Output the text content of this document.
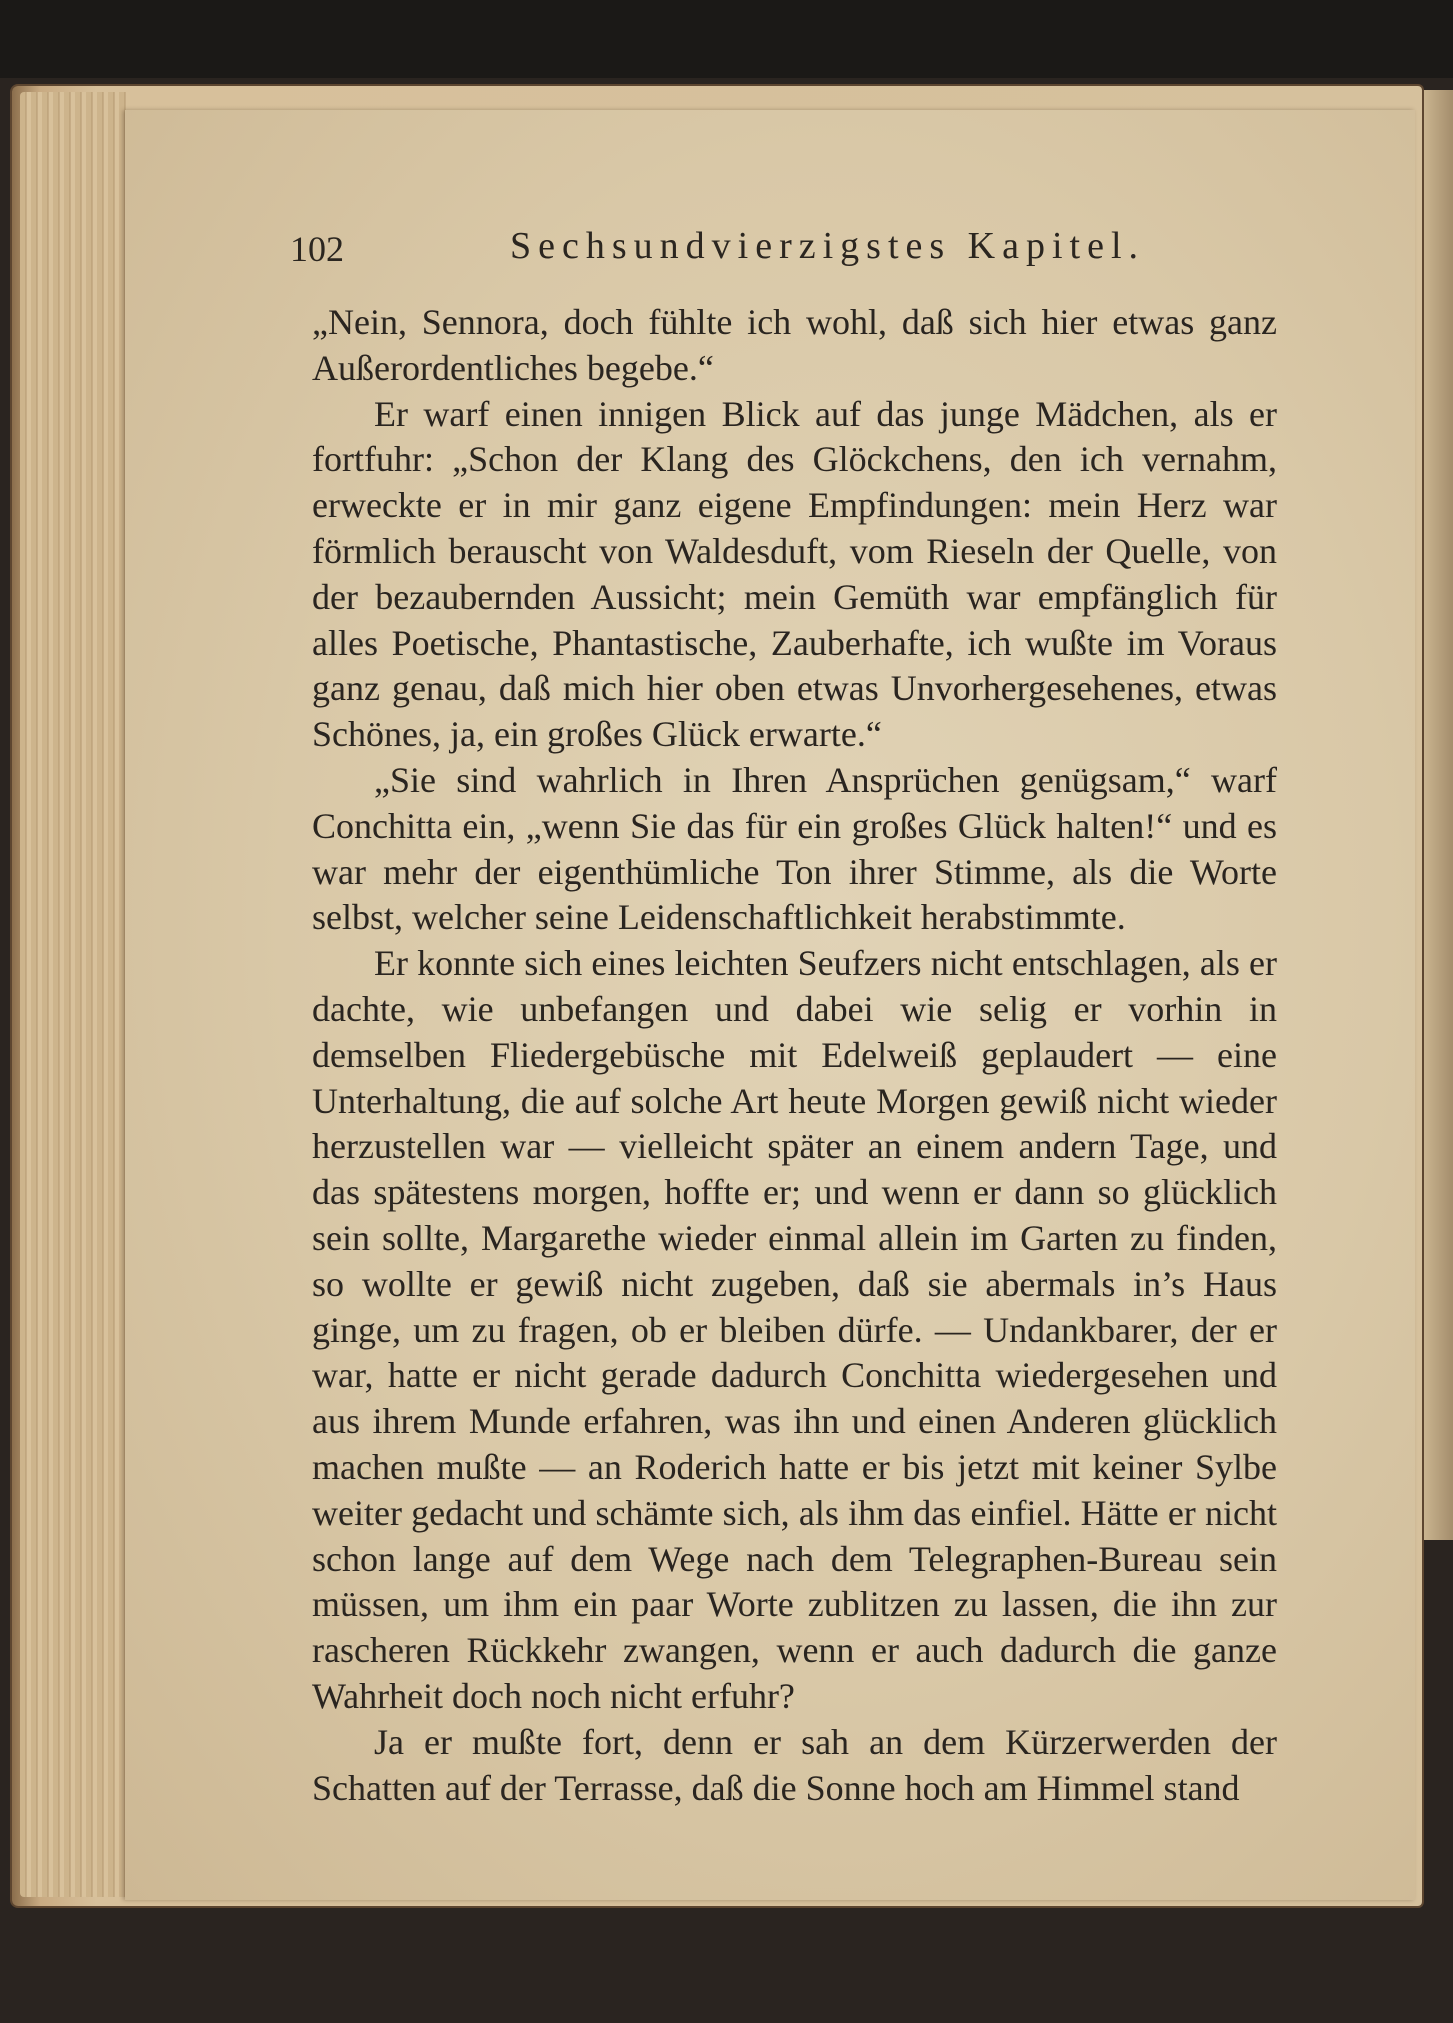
102	Sechsundvierzigstes Kapitel.

„Nein, Sennora, doch fühlte ich wohl, daß sich hier etwas ganz Außerordentliches begebe.“

Er warf einen innigen Blick auf das junge Mädchen, als er fortfuhr: „Schon der Klang des Glöckchens, den ich vernahm, erweckte er in mir ganz eigene Empfindungen: mein Herz war förmlich berauscht von Waldesduft, vom Rieseln der Quelle, von der bezaubernden Aussicht; mein Gemüth war empfänglich für alles Poetische, Phantastische, Zauberhafte, ich wußte im Voraus ganz genau, daß mich hier oben etwas Unvorhergesehenes, etwas Schönes, ja, ein großes Glück erwarte.“

„Sie sind wahrlich in Ihren Ansprüchen genügsam,“ warf Conchitta ein, „wenn Sie das für ein großes Glück halten!“ und es war mehr der eigenthümliche Ton ihrer Stimme, als die Worte selbst, welcher seine Leidenschaftlichkeit herabstimmte.

Er konnte sich eines leichten Seufzers nicht entschlagen, als er dachte, wie unbefangen und dabei wie selig er vorhin in demselben Fliedergebüsche mit Edelweiß geplaudert — eine Unterhaltung, die auf solche Art heute Morgen gewiß nicht wieder herzustellen war — vielleicht später an einem andern Tage, und das spätestens morgen, hoffte er; und wenn er dann so glücklich sein sollte, Margarethe wieder einmal allein im Garten zu finden, so wollte er gewiß nicht zugeben, daß sie abermals in’s Haus ginge, um zu fragen, ob er bleiben dürfe. — Undankbarer, der er war, hatte er nicht gerade dadurch Conchitta wiedergesehen und aus ihrem Munde erfahren, was ihn und einen Anderen glücklich machen mußte — an Roderich hatte er bis jetzt mit keiner Sylbe weiter gedacht und schämte sich, als ihm das einfiel. Hätte er nicht schon lange auf dem Wege nach dem Telegraphen-Bureau sein müssen, um ihm ein paar Worte zublitzen zu lassen, die ihn zur rascheren Rückkehr zwangen, wenn er auch dadurch die ganze Wahrheit doch noch nicht erfuhr?

Ja er mußte fort, denn er sah an dem Kürzerwerden der Schatten auf der Terrasse, daß die Sonne hoch am Himmel stand
